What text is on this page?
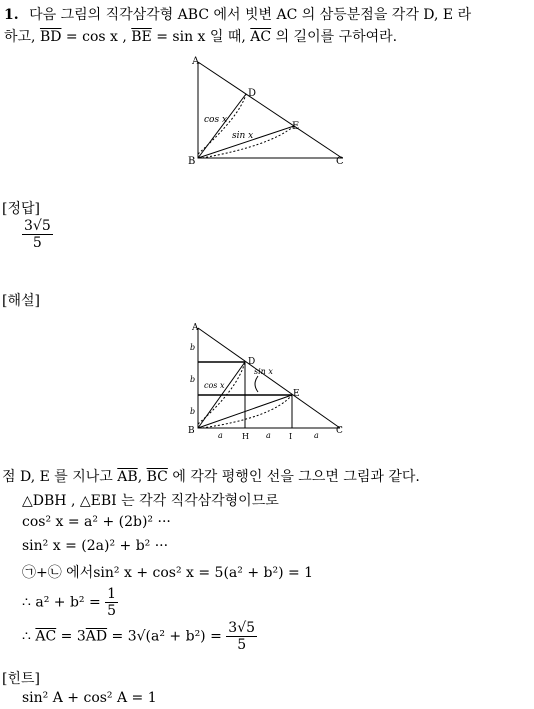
1. 다음 그림의 직각삼각형 ABC 에서 빗변 AC 의 삼등분점을 각각 D, E 라
하고, $\overline{BD} = \cos x$ , $\overline{BE} = \sin x$ 일 때, $\overline{AC}$ 의 길이를 구하여라.
A
B	C
D
E
cos x
sin x
[정답]
$\frac{3√5}{5}$
[해설]
A
B	C
D
E
H	I
b
b
b
a	a	a
cos x
sin x
점 D, E 를 지나고 $\overline{AB}$, $\overline{BC}$ 에 각각 평행인 선을 그으면 그림과 같다.
△DBH , △EBI 는 각각 직각삼각형이므로
cos² x = a² + (2b)² ···
sin² x = (2a)² + b² ···
㉠+㉡ 에서sin² x + cos² x = 5(a² + b²) = 1
∴ $a^2 + b^2 = \frac{1}{5}$
∴ $\overline{AC} = 3\overline{AD} = 3√(a^2 + b^2) = \frac{3√5}{5}$
[힌트]
sin² A + cos² A = 1
